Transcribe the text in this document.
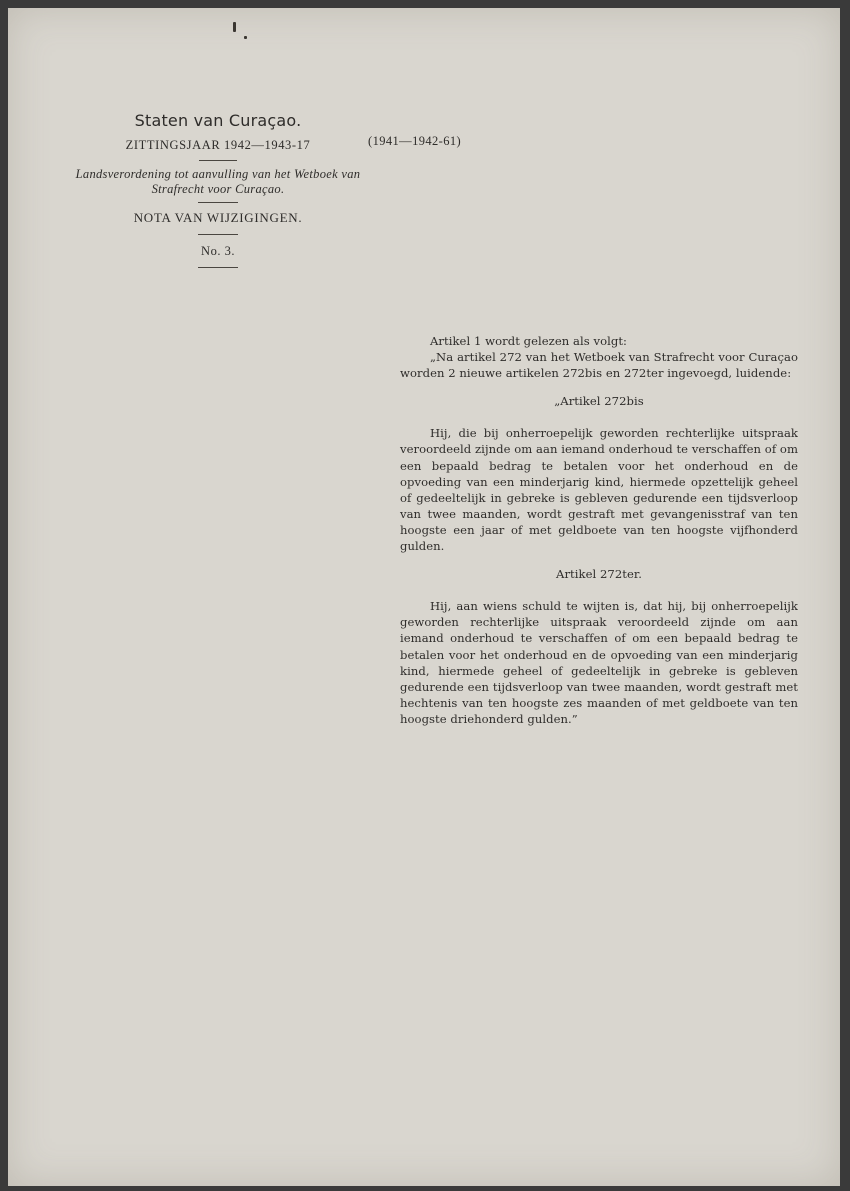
Staten van Curaçao.
ZITTINGSJAAR 1942—1943-17
Landsverordening tot aanvulling van het Wetboek van Strafrecht voor Curaçao.
NOTA VAN WIJZIGINGEN.
No. 3.
(1941—1942-61)

Artikel 1 wordt gelezen als volgt:

„Na artikel 272 van het Wetboek van Strafrecht voor Curaçao worden 2 nieuwe artikelen 272bis en 272ter ingevoegd, luidende:

„Artikel 272bis

Hij, die bij onherroepelijk geworden rechterlijke uitspraak veroordeeld zijnde om aan iemand onderhoud te verschaffen of om een bepaald bedrag te betalen voor het onderhoud en de opvoeding van een minderjarig kind, hiermede opzettelijk geheel of gedeeltelijk in gebreke is gebleven gedurende een tijdsverloop van twee maanden, wordt gestraft met gevangenisstraf van ten hoogste een jaar of met geldboete van ten hoogste vijfhonderd gulden.

Artikel 272ter.

Hij, aan wiens schuld te wijten is, dat hij, bij onherroepelijk geworden rechterlijke uitspraak veroordeeld zijnde om aan iemand onderhoud te verschaffen of om een bepaald bedrag te betalen voor het onderhoud en de opvoeding van een minderjarig kind, hiermede geheel of gedeeltelijk in gebreke is gebleven gedurende een tijdsverloop van twee maanden, wordt gestraft met hechtenis van ten hoogste zes maanden of met geldboete van ten hoogste driehonderd gulden.”
